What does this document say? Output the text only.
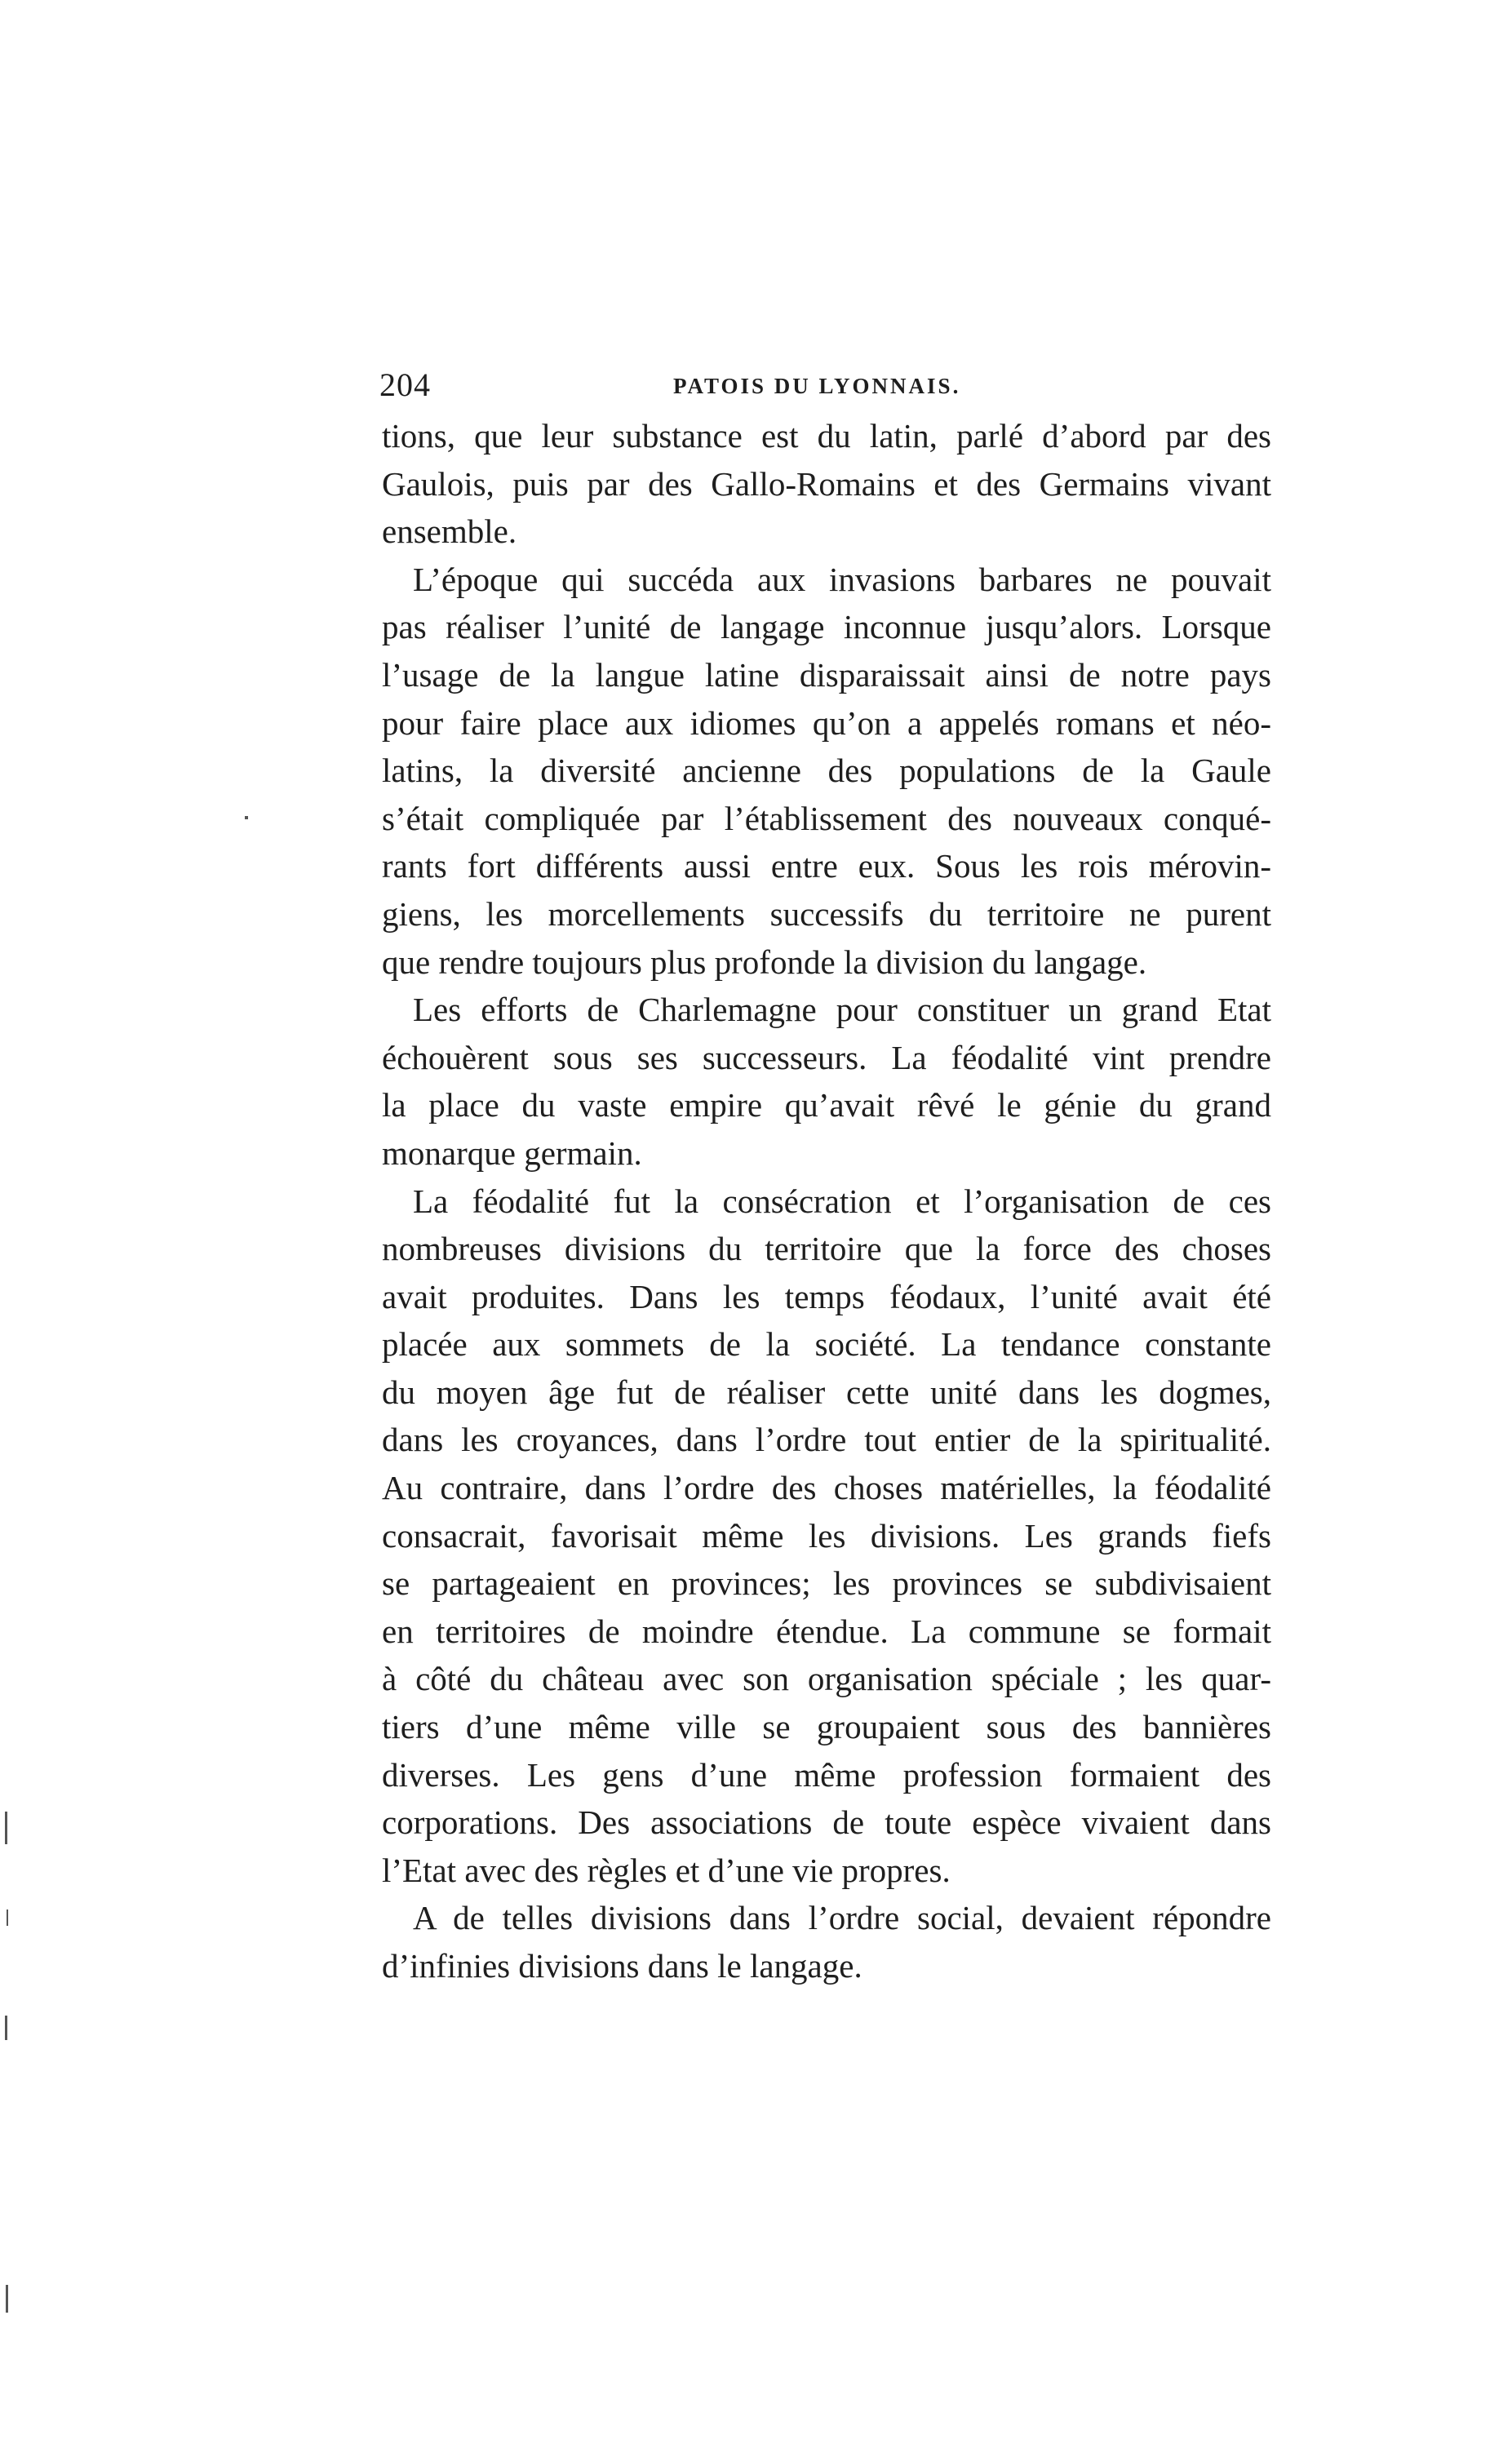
204	PATOIS DU LYONNAIS.
tions, que leur substance est du latin, parlé d’abord par des
Gaulois, puis par des Gallo-Romains et des Germains vivant
ensemble.
L’époque qui succéda aux invasions barbares ne pouvait
pas réaliser l’unité de langage inconnue jusqu’alors. Lorsque
l’usage de la langue latine disparaissait ainsi de notre pays
pour faire place aux idiomes qu’on a appelés romans et néo-
latins, la diversité ancienne des populations de la Gaule
s’était compliquée par l’établissement des nouveaux conqué-
rants fort différents aussi entre eux. Sous les rois mérovin-
giens, les morcellements successifs du territoire ne purent
que rendre toujours plus profonde la division du langage.
Les efforts de Charlemagne pour constituer un grand Etat
échouèrent sous ses successeurs. La féodalité vint prendre
la place du vaste empire qu’avait rêvé le génie du grand
monarque germain.
La féodalité fut la consécration et l’organisation de ces
nombreuses divisions du territoire que la force des choses
avait produites. Dans les temps féodaux, l’unité avait été
placée aux sommets de la société. La tendance constante
du moyen âge fut de réaliser cette unité dans les dogmes,
dans les croyances, dans l’ordre tout entier de la spiritualité.
Au contraire, dans l’ordre des choses matérielles, la féodalité
consacrait, favorisait même les divisions. Les grands fiefs
se partageaient en provinces; les provinces se subdivisaient
en territoires de moindre étendue. La commune se formait
à côté du château avec son organisation spéciale ; les quar-
tiers d’une même ville se groupaient sous des bannières
diverses. Les gens d’une même profession formaient des
corporations. Des associations de toute espèce vivaient dans
l’Etat avec des règles et d’une vie propres.
A de telles divisions dans l’ordre social, devaient répondre
d’infinies divisions dans le langage.
